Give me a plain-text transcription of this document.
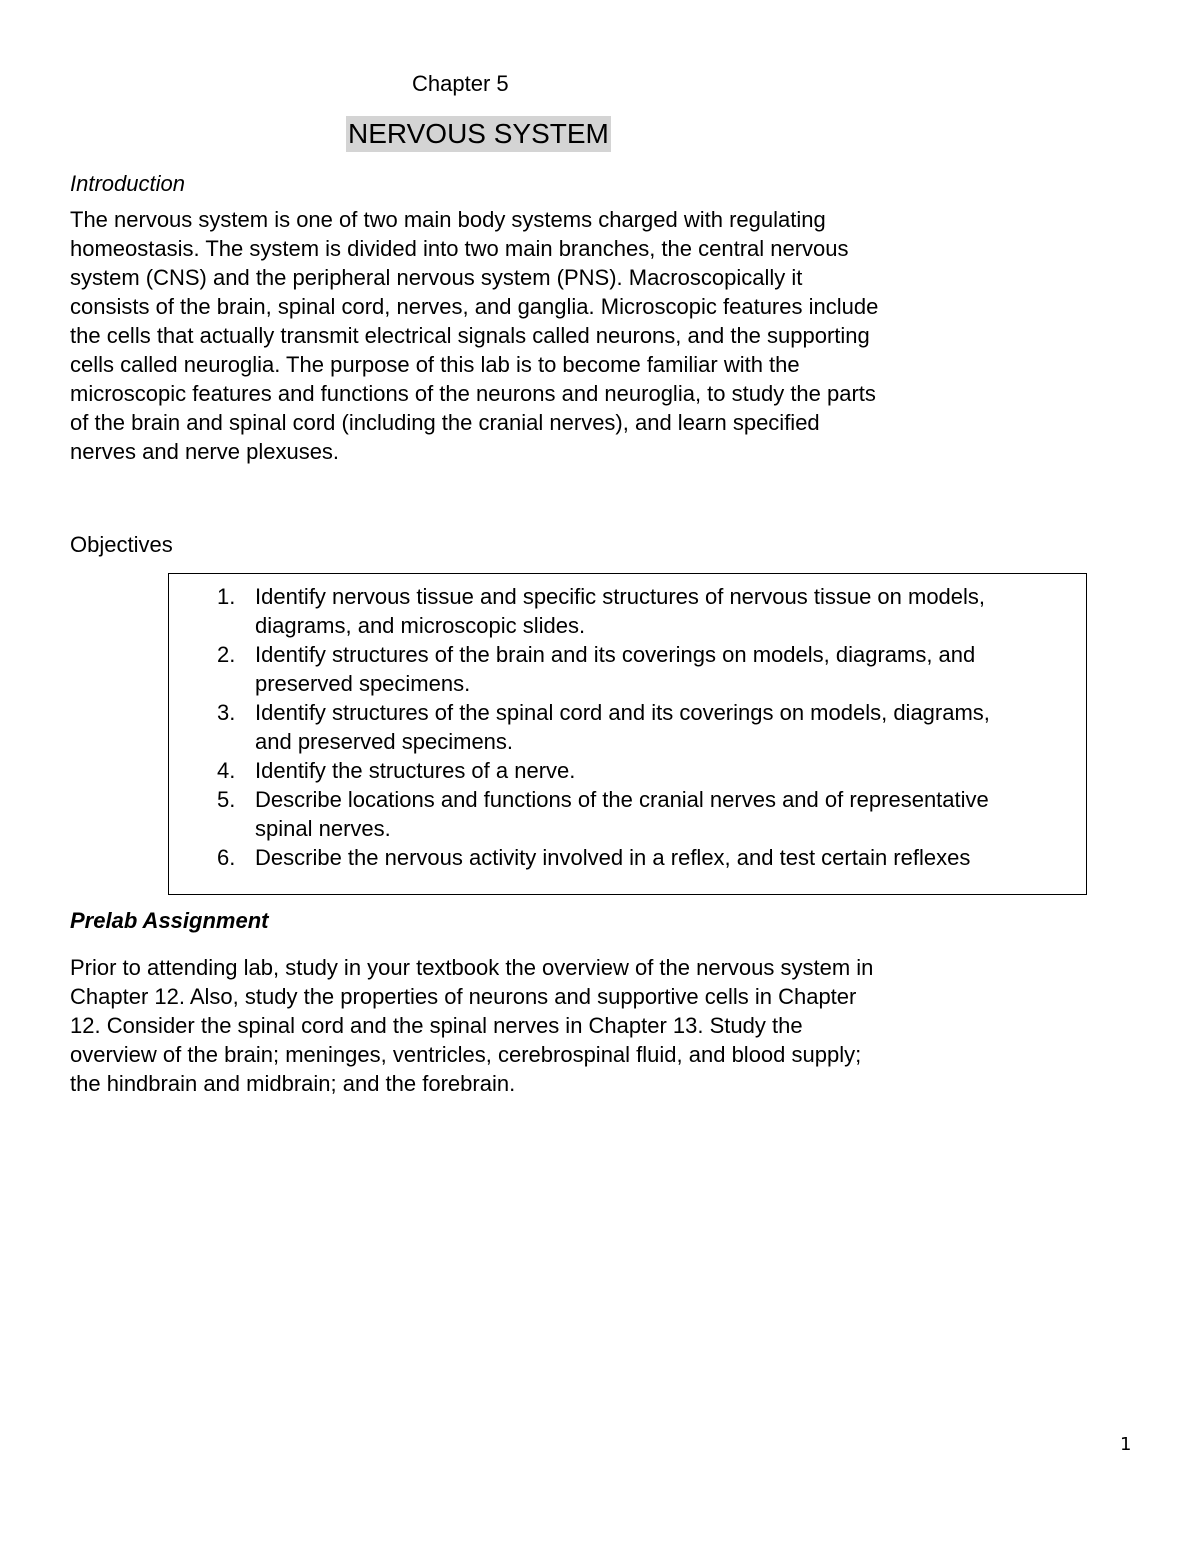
Chapter 5
NERVOUS SYSTEM
Introduction
The nervous system is one of two main body systems charged with regulating
homeostasis. The system is divided into two main branches, the central nervous
system (CNS) and the peripheral nervous system (PNS). Macroscopically it
consists of the brain, spinal cord, nerves, and ganglia. Microscopic features include
the cells that actually transmit electrical signals called neurons, and the supporting
cells called neuroglia. The purpose of this lab is to become familiar with the
microscopic features and functions of the neurons and neuroglia, to study the parts
of the brain and spinal cord (including the cranial nerves), and learn specified
nerves and nerve plexuses.
Objectives
1. Identify nervous tissue and specific structures of nervous tissue on models,
diagrams, and microscopic slides.
2. Identify structures of the brain and its coverings on models, diagrams, and
preserved specimens.
3. Identify structures of the spinal cord and its coverings on models, diagrams,
and preserved specimens.
4. Identify the structures of a nerve.
5. Describe locations and functions of the cranial nerves and of representative
spinal nerves.
6. Describe the nervous activity involved in a reflex, and test certain reflexes
Prelab Assignment
Prior to attending lab, study in your textbook the overview of the nervous system in
Chapter 12. Also, study the properties of neurons and supportive cells in Chapter
12. Consider the spinal cord and the spinal nerves in Chapter 13. Study the
overview of the brain; meninges, ventricles, cerebrospinal fluid, and blood supply;
the hindbrain and midbrain; and the forebrain.
1
